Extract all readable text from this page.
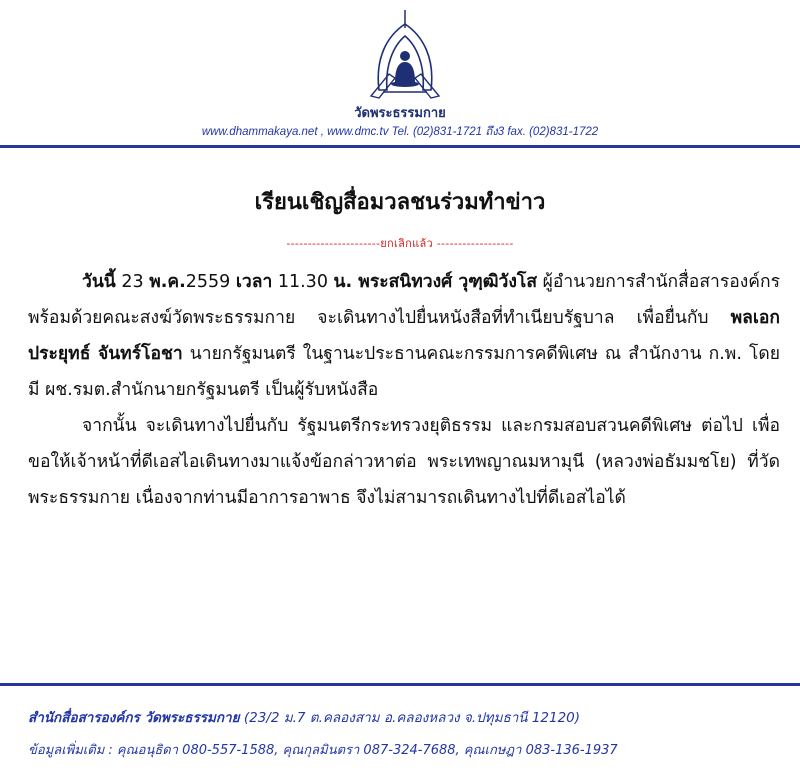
วัดพระธรรมกาย
www.dhammakaya.net , www.dmc.tv Tel. (02)831-1721 ถึง3 fax. (02)831-1722
เรียนเชิญสื่อมวลชนร่วมทำข่าว
----------------------ยกเลิกแล้ว ------------------

วันนี้ 23 พ.ค.2559 เวลา 11.30 น. พระสนิทวงศ์ วุฑฺฒิวังโส ผู้อำนวยการสำนักสื่อสารองค์กร พร้อมด้วยคณะสงฆ์วัดพระธรรมกาย จะเดินทางไปยื่นหนังสือที่ทำเนียบรัฐบาล เพื่อยื่นกับ พลเอก ประยุทธ์ จันทร์โอชา นายกรัฐมนตรี ในฐานะประธานคณะกรรมการคดีพิเศษ ณ สำนักงาน ก.พ. โดยมี ผช.รมต.สำนักนายกรัฐมนตรี เป็นผู้รับหนังสือ

จากนั้น จะเดินทางไปยื่นกับ รัฐมนตรีกระทรวงยุติธรรม และกรมสอบสวนคดีพิเศษ ต่อไป เพื่อขอให้เจ้าหน้าที่ดีเอสไอเดินทางมาแจ้งข้อกล่าวหาต่อ พระเทพญาณมหามุนี (หลวงพ่อธัมมชโย) ที่วัดพระธรรมกาย เนื่องจากท่านมีอาการอาพาธ จึงไม่สามารถเดินทางไปที่ดีเอสไอได้

สำนักสื่อสารองค์กร วัดพระธรรมกาย (23/2 ม.7 ต.คลองสาม อ.คลองหลวง จ.ปทุมธานี 12120)
ข้อมูลเพิ่มเติม : คุณอนุธิดา 080-557-1588, คุณกุลมินตรา 087-324-7688, คุณเกษฎา 083-136-1937
